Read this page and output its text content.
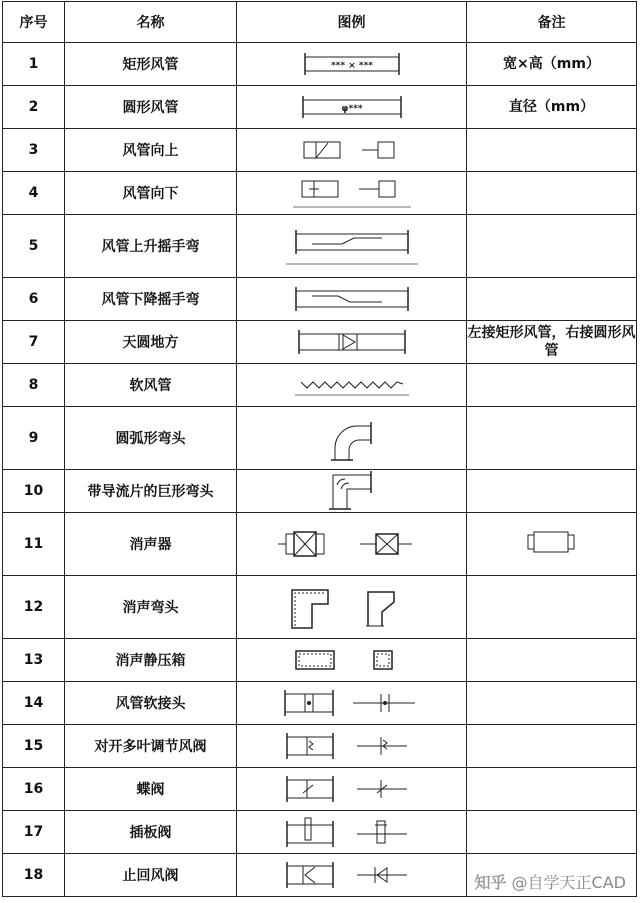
序号	名称	图例	备注
1	矩形风管	*** × ***	宽×高（mm）
2	圆形风管	φ***	直径（mm）
3	风管向上	

4	风管向下	

5	风管上升摇手弯	

6	风管下降摇手弯	

7	天圆地方		左接矩形风管，右接圆形风管
8	软风管	

9	圆弧形弯头	

10	带导流片的巨形弯头	

11	消声器	

12	消声弯头	

13	消声静压箱	

14	风管软接头	

15	对开多叶调节风阀	

16	蝶阀	

17	插板阀	

18	止回风阀	
		知乎 @自学天正CAD
